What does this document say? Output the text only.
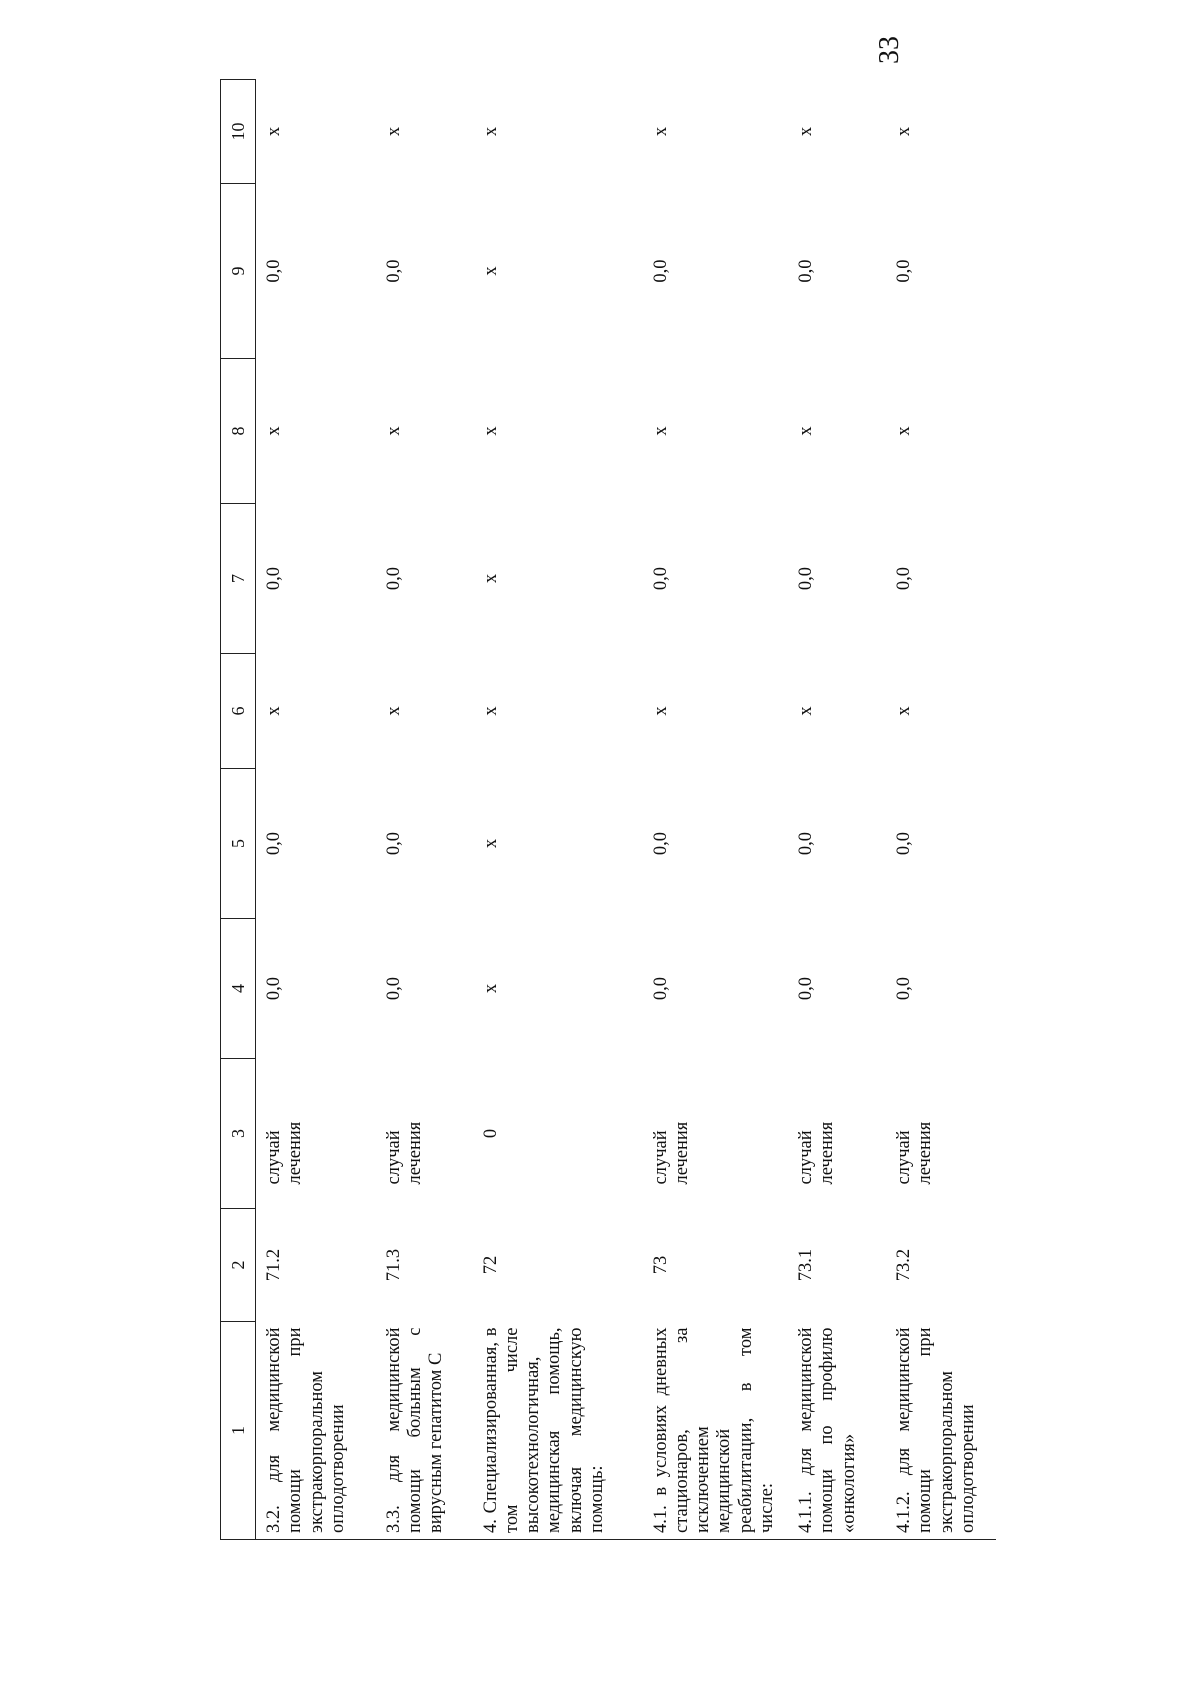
33
1	2	3	4	5	6	7	8	9	10
3.2. для медицинской помощи при экстракорпоральном оплодотворении	71.2	случай лечения	0,0	0,0	х	0,0	х	0,0	х
3.3. для медицинской помощи больным с вирусным гепатитом С	71.3	случай лечения	0,0	0,0	х	0,0	х	0,0	х
4. Специализированная, в том числе высокотехнологичная, медицинская помощь, включая медицинскую помощь:	72	0	х	х	х	х	х	х	х
4.1. в условиях дневных стационаров, за исключением медицинской реабилитации, в том числе:	73	случай лечения	0,0	0,0	х	0,0	х	0,0	х
4.1.1. для медицинской помощи по профилю «онкология»	73.1	случай лечения	0,0	0,0	х	0,0	х	0,0	х
4.1.2. для медицинской помощи при экстракорпоральном оплодотворении	73.2	случай лечения	0,0	0,0	х	0,0	х	0,0	х
